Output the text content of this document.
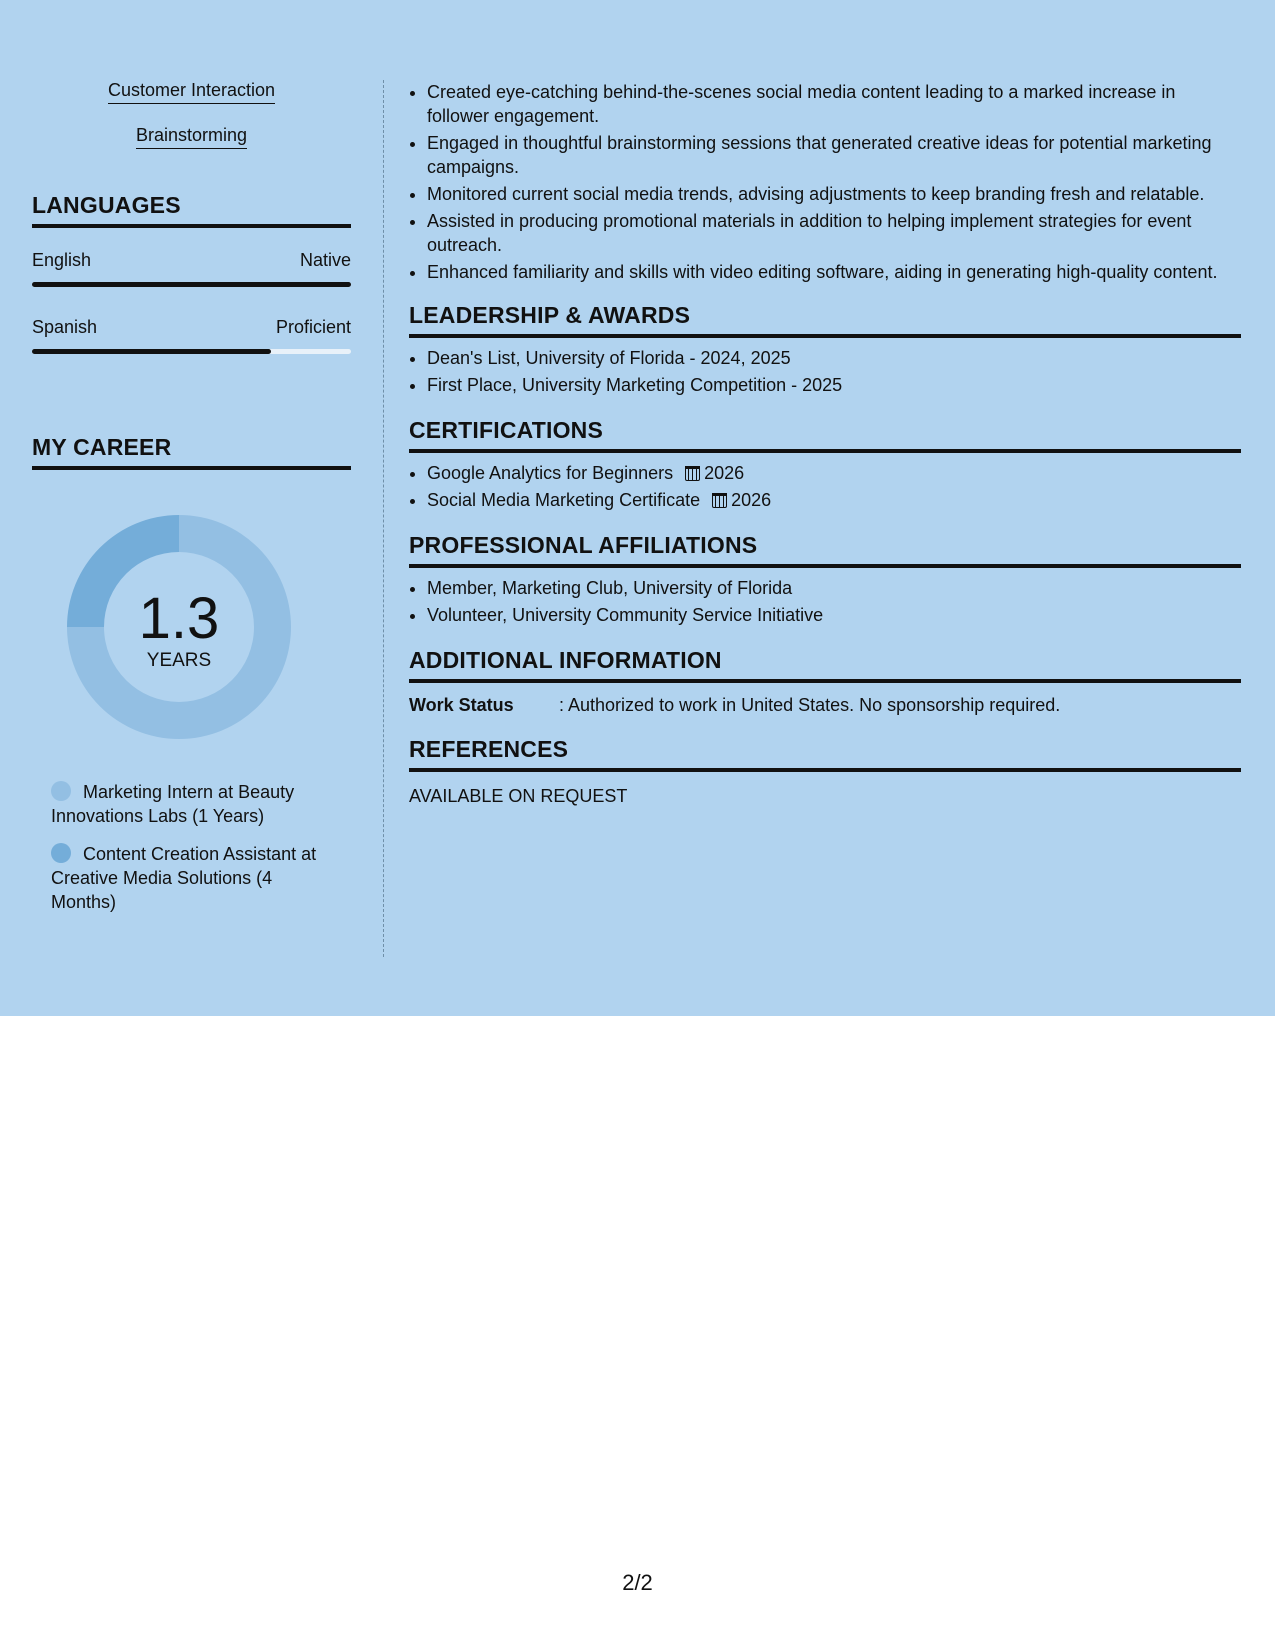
Customer Interaction
Brainstorming
LANGUAGES
English	Native
Spanish	Proficient
MY CAREER
1.3
YEARS
Marketing Intern at Beauty Innovations Labs (1 Years)
Content Creation Assistant at Creative Media Solutions (4 Months)
• Created eye-catching behind-the-scenes social media content leading to a marked increase in follower engagement.
• Engaged in thoughtful brainstorming sessions that generated creative ideas for potential marketing campaigns.
• Monitored current social media trends, advising adjustments to keep branding fresh and relatable.
• Assisted in producing promotional materials in addition to helping implement strategies for event outreach.
• Enhanced familiarity and skills with video editing software, aiding in generating high-quality content.
LEADERSHIP & AWARDS
• Dean's List, University of Florida - 2024, 2025
• First Place, University Marketing Competition - 2025
CERTIFICATIONS
• Google Analytics for Beginners 2026
• Social Media Marketing Certificate 2026
PROFESSIONAL AFFILIATIONS
• Member, Marketing Club, University of Florida
• Volunteer, University Community Service Initiative
ADDITIONAL INFORMATION
Work Status	: Authorized to work in United States. No sponsorship required.
REFERENCES
AVAILABLE ON REQUEST
2/2
